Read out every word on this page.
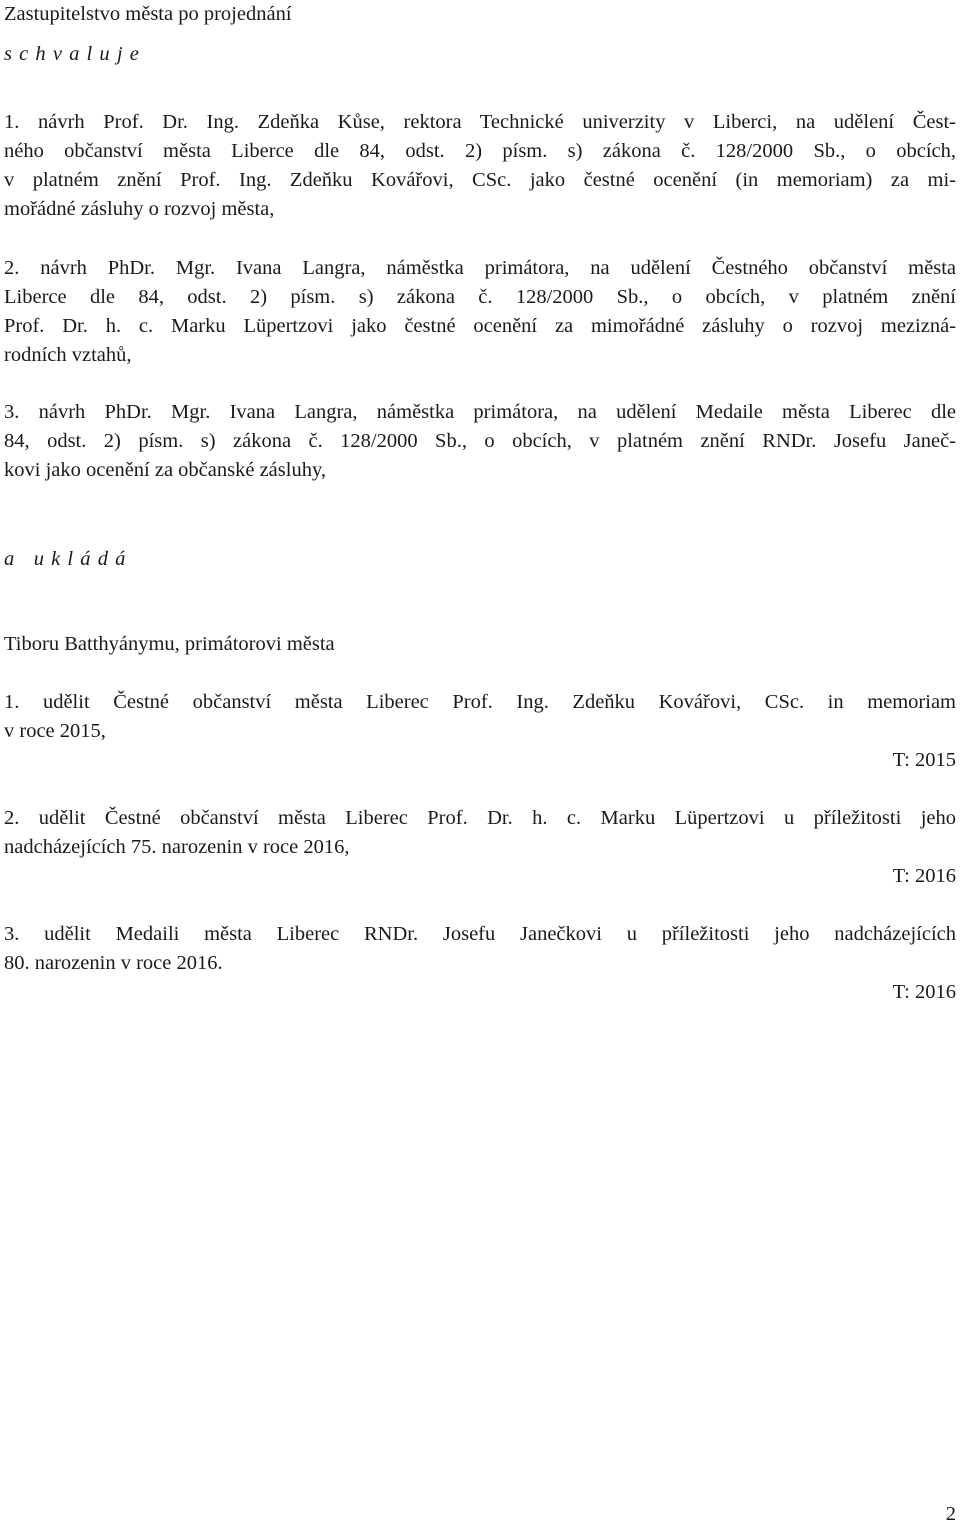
Zastupitelstvo města po projednání
schvaluje
1. návrh Prof. Dr. Ing. Zdeňka Kůse, rektora Technické univerzity v Liberci, na udělení Čest-
ného občanství města Liberce dle 84, odst. 2) písm. s) zákona č. 128/2000 Sb., o obcích,
v platném znění Prof. Ing. Zdeňku Kovářovi, CSc. jako čestné ocenění (in memoriam) za mi-
mořádné zásluhy o rozvoj města,
2. návrh PhDr. Mgr. Ivana Langra, náměstka primátora, na udělení Čestného občanství města
Liberce dle 84, odst. 2) písm. s) zákona č. 128/2000 Sb., o obcích, v platném znění
Prof. Dr. h. c. Marku Lüpertzovi jako čestné ocenění za mimořádné zásluhy o rozvoj mezizná-
rodních vztahů,
3. návrh PhDr. Mgr. Ivana Langra, náměstka primátora, na udělení Medaile města Liberec dle
84, odst. 2) písm. s) zákona č. 128/2000 Sb., o obcích, v platném znění RNDr. Josefu Janeč-
kovi jako ocenění za občanské zásluhy,
a ukládá
Tiboru Batthyánymu, primátorovi města
1. udělit Čestné občanství města Liberec Prof. Ing. Zdeňku Kovářovi, CSc. in memoriam
v roce 2015,
T: 2015
2. udělit Čestné občanství města Liberec Prof. Dr. h. c. Marku Lüpertzovi u příležitosti jeho
nadcházejících 75. narozenin v roce 2016,
T: 2016
3. udělit Medaili města Liberec RNDr. Josefu Janečkovi u příležitosti jeho nadcházejících
80. narozenin v roce 2016.
T: 2016
2
